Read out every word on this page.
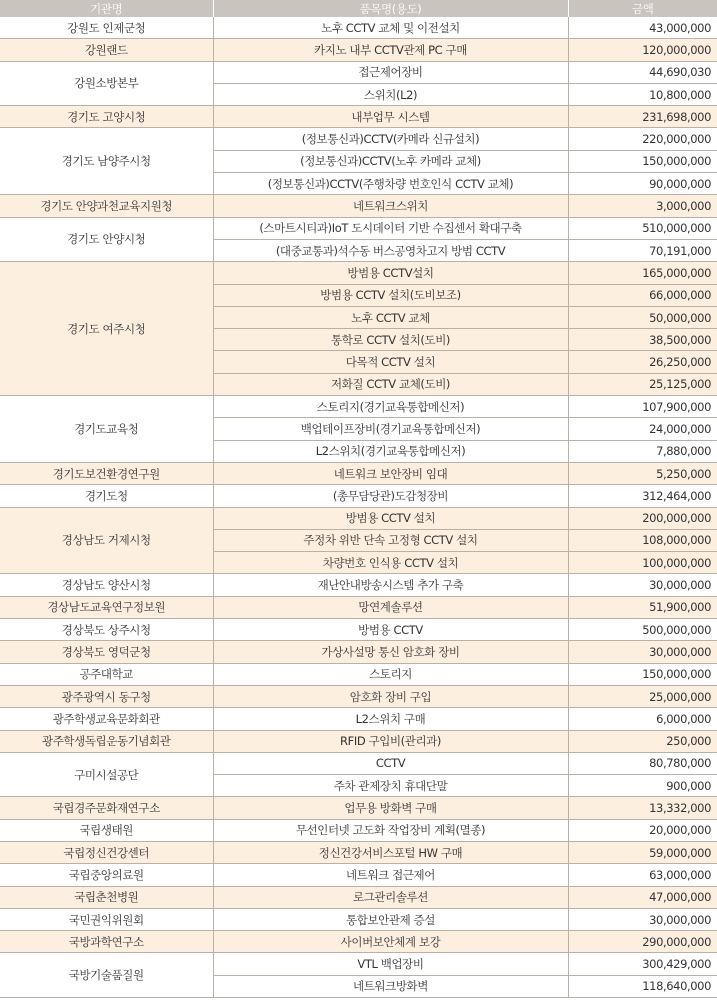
기관명	품목명(용도)	금액
강원도 인제군청	노후 CCTV 교체 및 이전설치	43,000,000
강원랜드	카지노 내부 CCTV관제 PC 구매	120,000,000
강원소방본부	접근제어장비	44,690,030
	스위치(L2)	10,800,000
경기도 고양시청	내부업무 시스템	231,698,000
경기도 남양주시청	(정보통신과)CCTV(카메라 신규설치)	220,000,000
	(정보통신과)CCTV(노후 카메라 교체)	150,000,000
	(정보통신과)CCTV(주행차량 번호인식 CCTV 교체)	90,000,000
경기도 안양과천교육지원청	네트워크스위치	3,000,000
경기도 안양시청	(스마트시티과)IoT 도시데이터 기반 수집센서 확대구축	510,000,000
	(대중교통과)석수동 버스공영차고지 방범 CCTV	70,191,000
경기도 여주시청	방범용 CCTV설치	165,000,000
	방범용 CCTV 설치(도비보조)	66,000,000
	노후 CCTV 교체	50,000,000
	통학로 CCTV 설치(도비)	38,500,000
	다목적 CCTV 설치	26,250,000
	저화질 CCTV 교체(도비)	25,125,000
경기도교육청	스토리지(경기교육통합메신저)	107,900,000
	백업테이프장비(경기교육통합메신저)	24,000,000
	L2스위치(경기교육통합메신저)	7,880,000
경기도보건환경연구원	네트워크 보안장비 임대	5,250,000
경기도청	(총무담당관)도감청장비	312,464,000
경상남도 거제시청	방범용 CCTV 설치	200,000,000
	주정차 위반 단속 고정형 CCTV 설치	108,000,000
	차량번호 인식용 CCTV 설치	100,000,000
경상남도 양산시청	재난안내방송시스템 추가 구축	30,000,000
경상남도교육연구정보원	망연계솔루션	51,900,000
경상북도 상주시청	방범용 CCTV	500,000,000
경상북도 영덕군청	가상사설망 통신 암호화 장비	30,000,000
공주대학교	스토리지	150,000,000
광주광역시 동구청	암호화 장비 구입	25,000,000
광주학생교육문화회관	L2스위치 구매	6,000,000
광주학생독립운동기념회관	RFID 구입비(관리과)	250,000
구미시설공단	CCTV	80,780,000
	주차 관제장치 휴대단말	900,000
국립경주문화재연구소	업무용 방화벽 구매	13,332,000
국립생태원	무선인터넷 고도화 작업장비 계획(멸종)	20,000,000
국립정신건강센터	정신건강서비스포털 HW 구매	59,000,000
국립중앙의료원	네트워크 접근제어	63,000,000
국립춘천병원	로그관리솔루션	47,000,000
국민권익위원회	통합보안관제 증설	30,000,000
국방과학연구소	사이버보안체계 보강	290,000,000
국방기술품질원	VTL 백업장비	300,429,000
	네트워크방화벽	118,640,000
